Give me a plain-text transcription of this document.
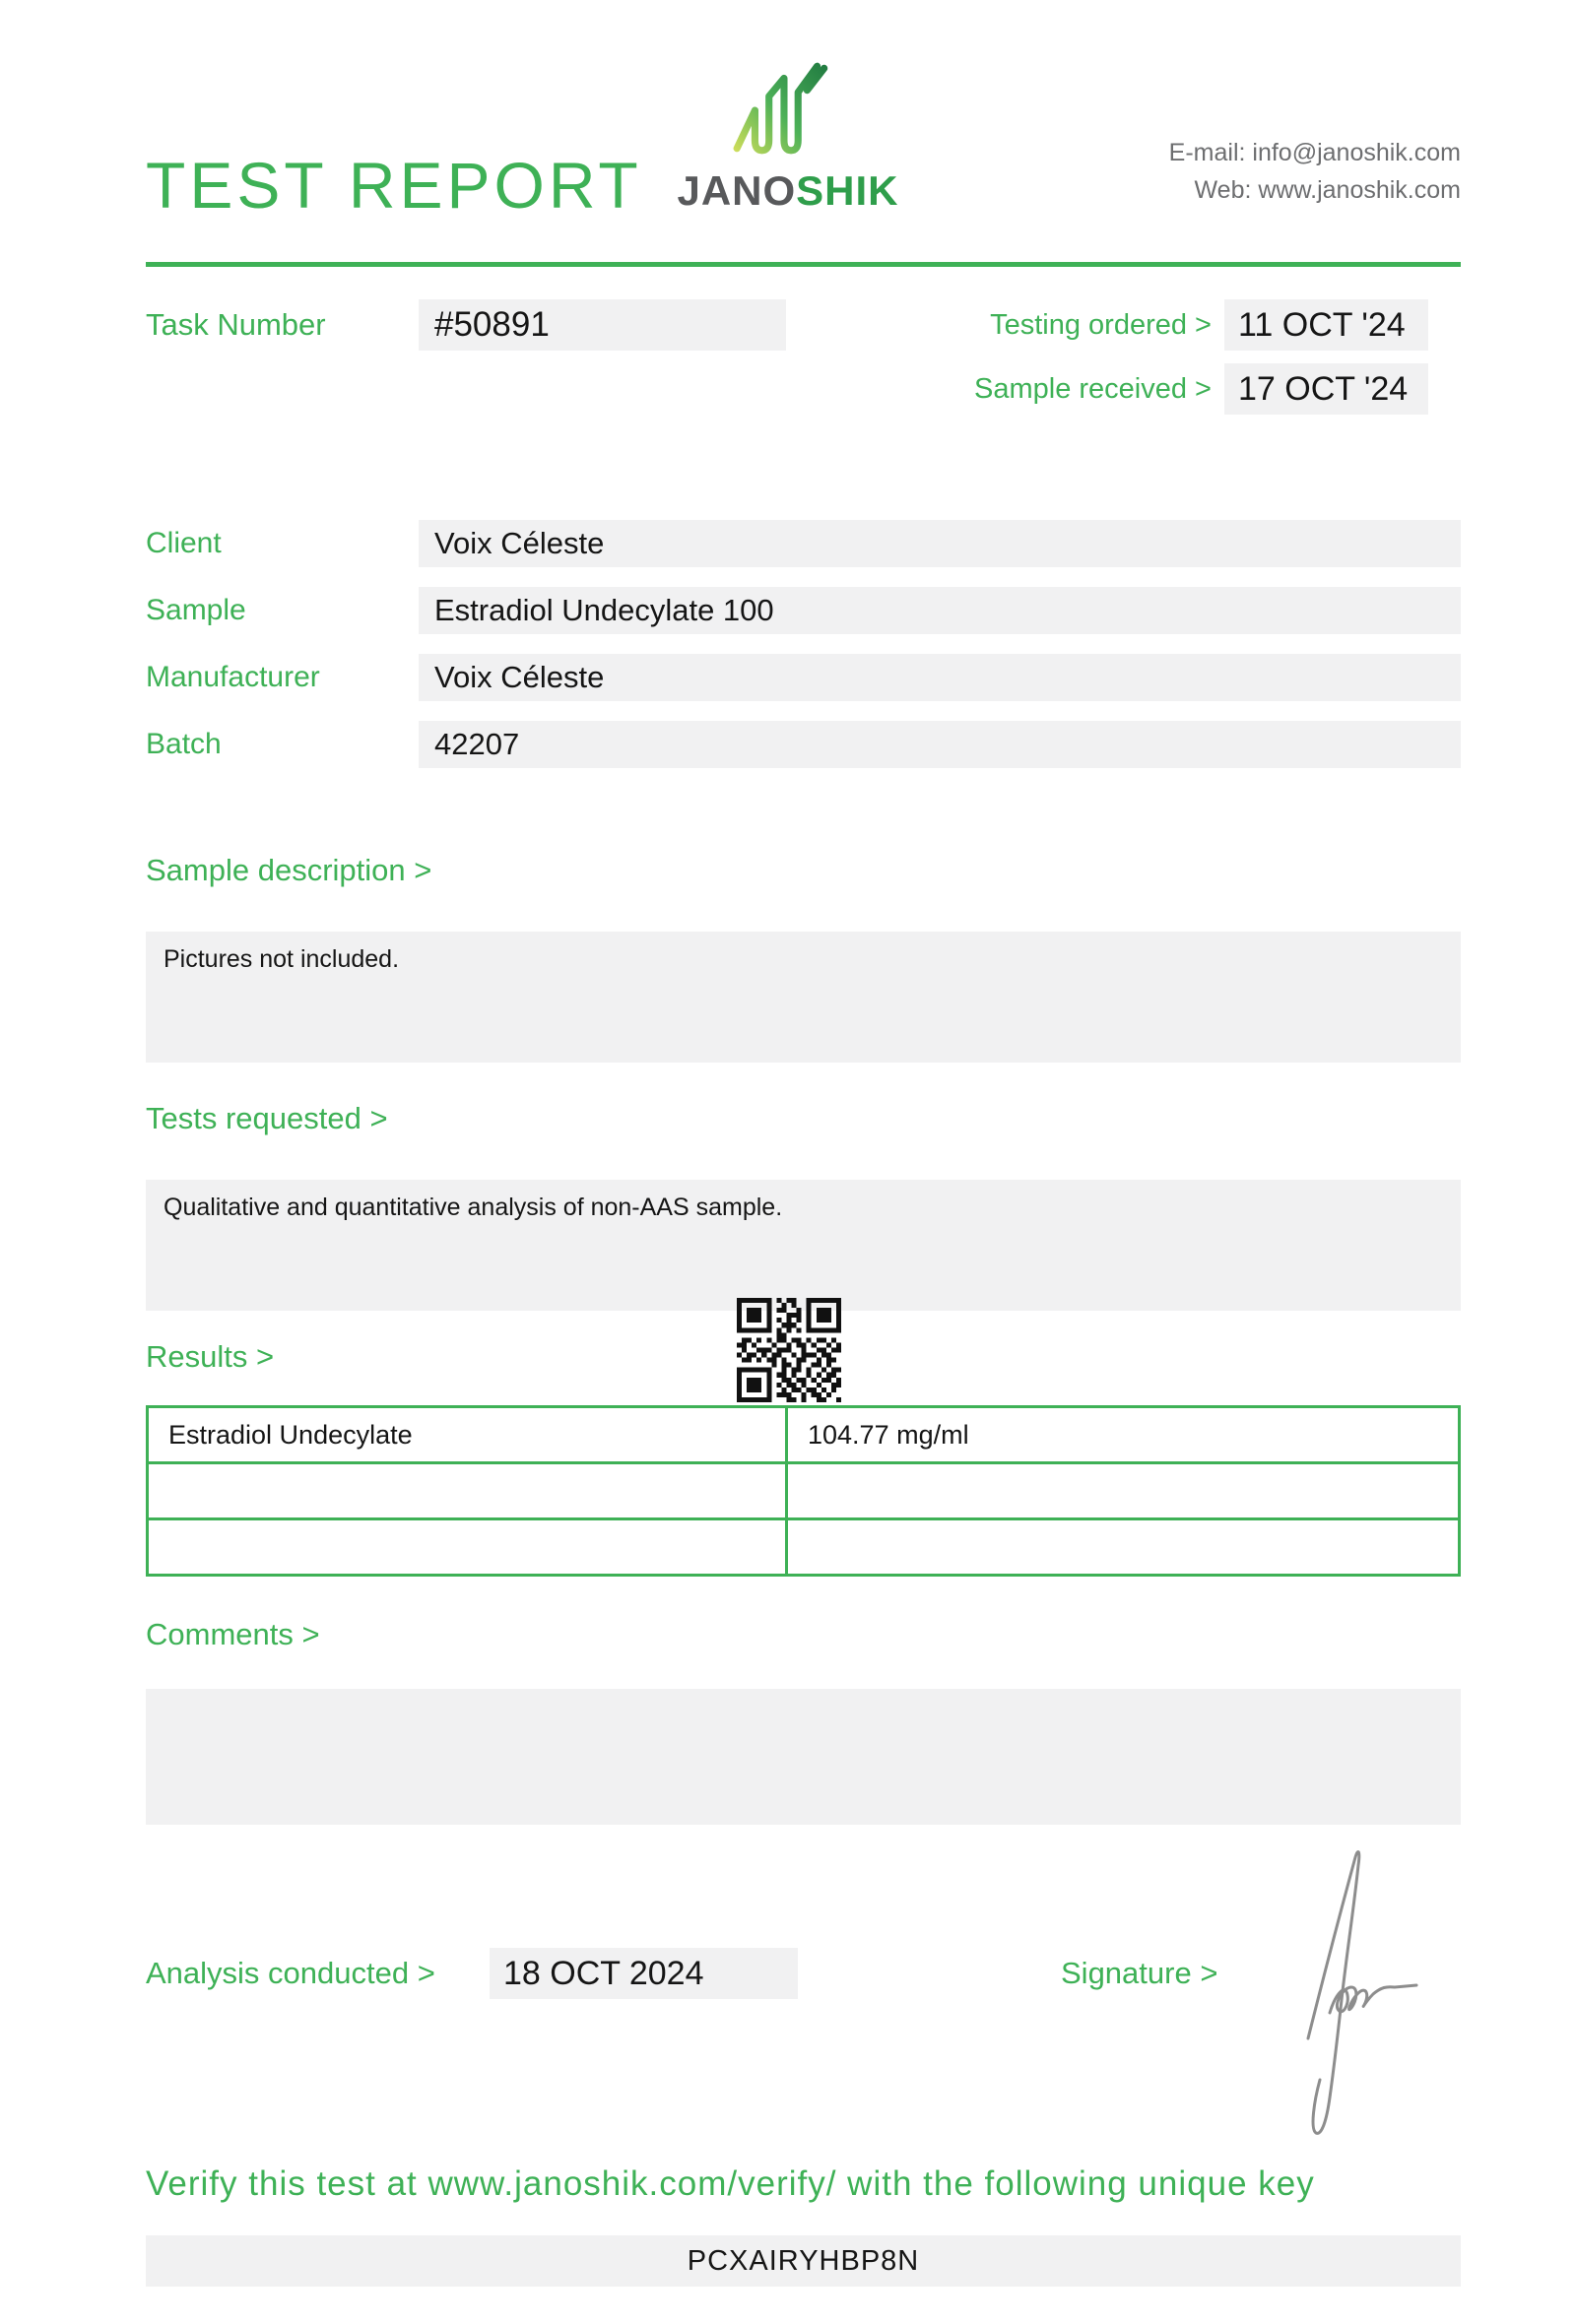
TEST REPORT JANOSHIK
E-mail: info@janoshik.com
Web: www.janoshik.com
Task Number	#50891	Testing ordered > 11 OCT '24
Sample received > 17 OCT '24
Client	Voix Céleste
Sample	Estradiol Undecylate 100
Manufacturer	Voix Céleste
Batch	42207
Sample description >
Pictures not included.
Tests requested >
Qualitative and quantitative analysis of non-AAS sample.
Results >
Estradiol Undecylate	104.77 mg/ml

Comments >
Analysis conducted >	18 OCT 2024	Signature >
Verify this test at www.janoshik.com/verify/ with the following unique key
PCXAIRYHBP8N
